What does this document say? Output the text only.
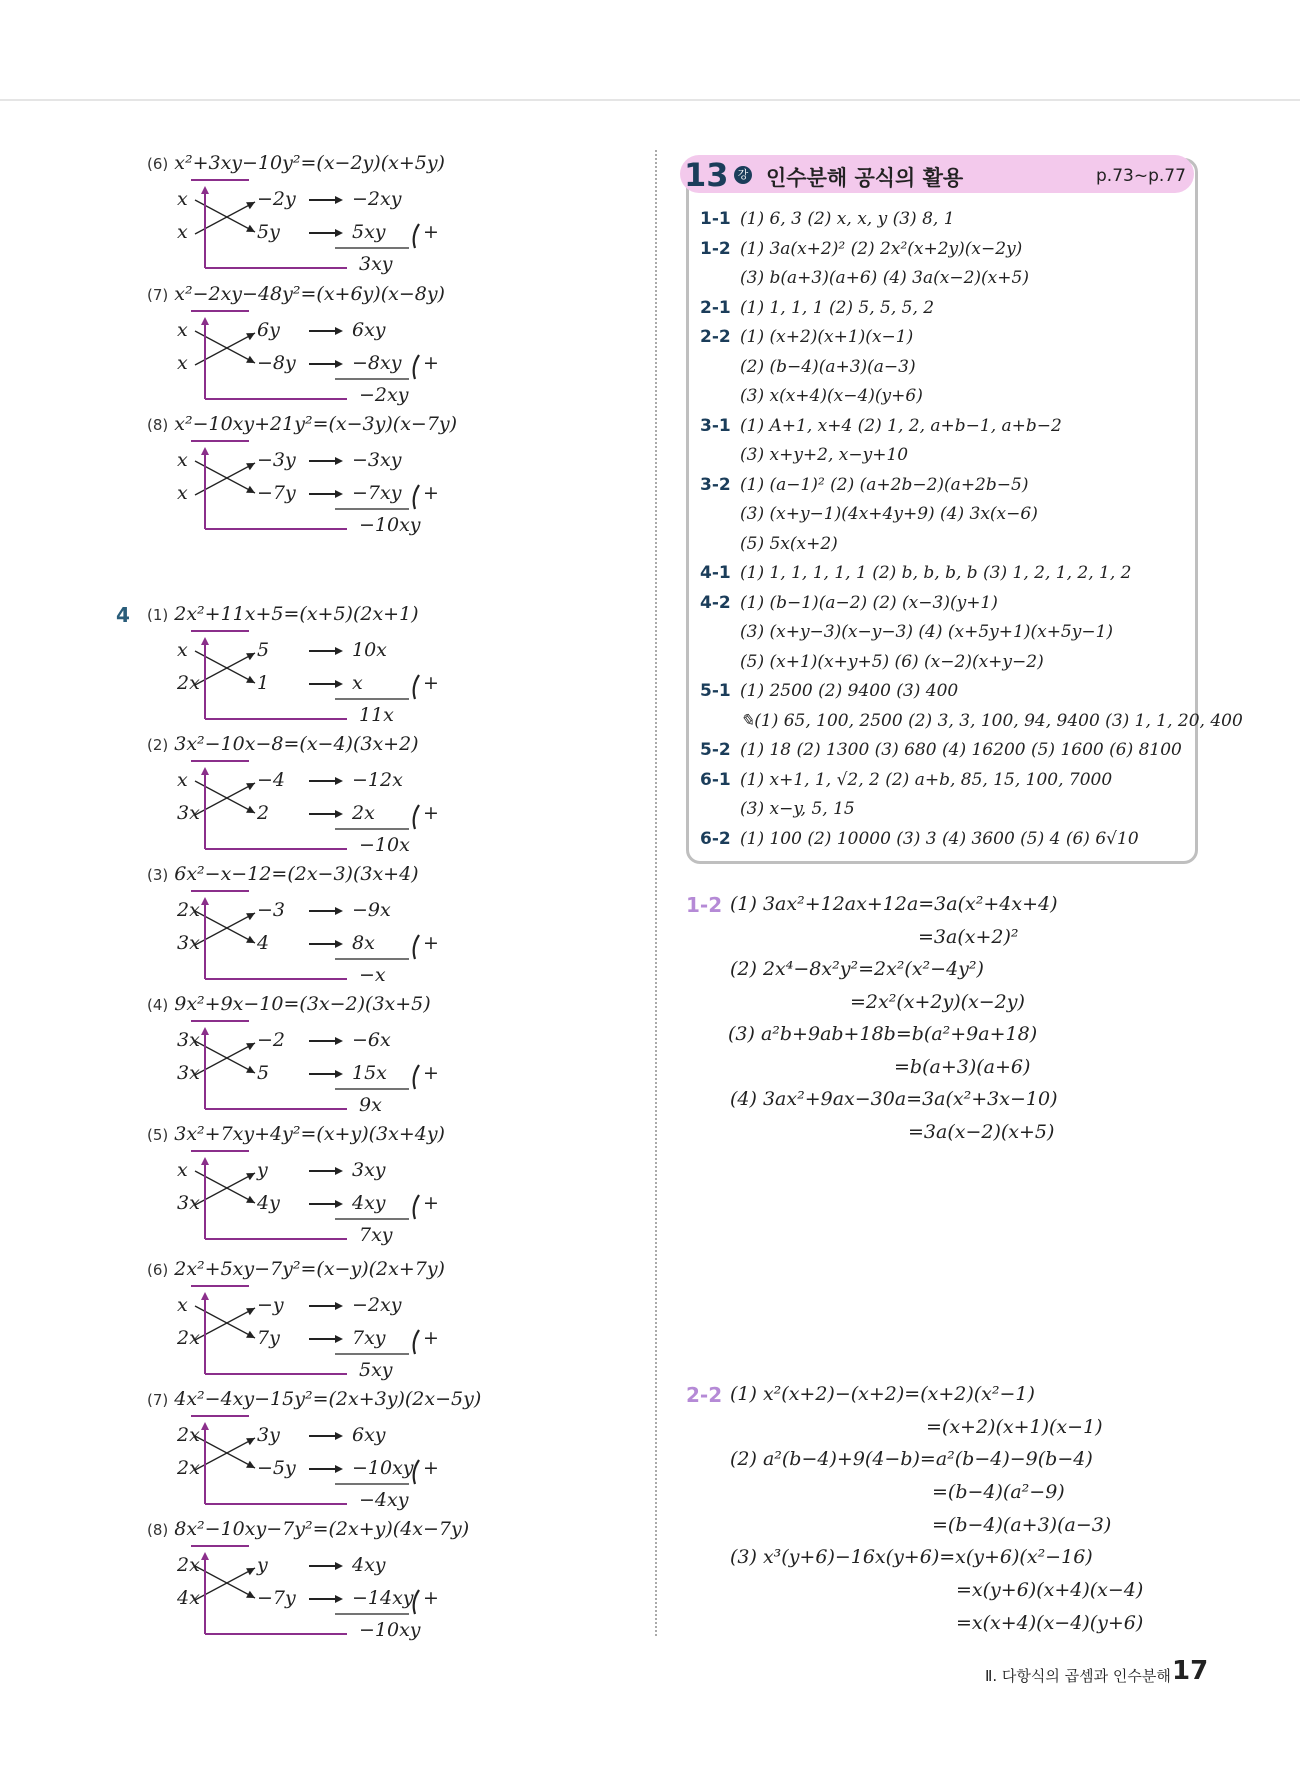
(6) x²+3xy−10y²=(x−2y)(x+5y)
x
x
−2y
5y
−2xy
5xy
3xy
+
(7) x²−2xy−48y²=(x+6y)(x−8y)
x
x
6y
−8y
6xy
−8xy
−2xy
+
(8) x²−10xy+21y²=(x−3y)(x−7y)
x
x
−3y
−7y
−3xy
−7xy
−10xy
+
(1) 2x²+11x+5=(x+5)(2x+1)
x
2x
5
1
10x
x
11x
+
(2) 3x²−10x−8=(x−4)(3x+2)
x
3x
−4
2
−12x
2x
−10x
+
(3) 6x²−x−12=(2x−3)(3x+4)
2x
3x
−3
4
−9x
8x
−x
+
(4) 9x²+9x−10=(3x−2)(3x+5)
3x
3x
−2
5
−6x
15x
9x
+
(5) 3x²+7xy+4y²=(x+y)(3x+4y)
x
3x
y
4y
3xy
4xy
7xy
+
(6) 2x²+5xy−7y²=(x−y)(2x+7y)
x
2x
−y
7y
−2xy
7xy
5xy
+
(7) 4x²−4xy−15y²=(2x+3y)(2x−5y)
2x
2x
3y
−5y
6xy
−10xy
−4xy
+
(8) 8x²−10xy−7y²=(2x+y)(4x−7y)
2x
4x
y
−7y
4xy
−14xy
−10xy
+
4
13 강 인수분해 공식의 활용	p.73~p.77
1-1 (1) 6, 3 (2) x, x, y (3) 8, 1
1-2 (1) 3a(x+2)² (2) 2x²(x+2y)(x−2y)
(3) b(a+3)(a+6) (4) 3a(x−2)(x+5)
2-1 (1) 1, 1, 1 (2) 5, 5, 5, 2
2-2 (1) (x+2)(x+1)(x−1)
(2) (b−4)(a+3)(a−3)
(3) x(x+4)(x−4)(y+6)
3-1 (1) A+1, x+4 (2) 1, 2, a+b−1, a+b−2
(3) x+y+2, x−y+10
3-2 (1) (a−1)² (2) (a+2b−2)(a+2b−5)
(3) (x+y−1)(4x+4y+9) (4) 3x(x−6)
(5) 5x(x+2)
4-1 (1) 1, 1, 1, 1, 1 (2) b, b, b, b (3) 1, 2, 1, 2, 1, 2
4-2 (1) (b−1)(a−2) (2) (x−3)(y+1)
(3) (x+y−3)(x−y−3) (4) (x+5y+1)(x+5y−1)
(5) (x+1)(x+y+5) (6) (x−2)(x+y−2)
5-1 (1) 2500 (2) 9400 (3) 400
✎(1) 65, 100, 2500 (2) 3, 3, 100, 94, 9400 (3) 1, 1, 20, 400
5-2 (1) 18 (2) 1300 (3) 680 (4) 16200 (5) 1600 (6) 8100
6-1 (1) x+1, 1, √2, 2 (2) a+b, 85, 15, 100, 7000
(3) x−y, 5, 15
6-2 (1) 100 (2) 10000 (3) 3 (4) 3600 (5) 4 (6) 6√10
1-2 (1) 3ax²+12ax+12a=3a(x²+4x+4)
=3a(x+2)²
(2) 2x⁴−8x²y²=2x²(x²−4y²)
=2x²(x+2y)(x−2y)
(3) a²b+9ab+18b=b(a²+9a+18)
=b(a+3)(a+6)
(4) 3ax²+9ax−30a=3a(x²+3x−10)
=3a(x−2)(x+5)
2-2 (1) x²(x+2)−(x+2)=(x+2)(x²−1)
=(x+2)(x+1)(x−1)
(2) a²(b−4)+9(4−b)=a²(b−4)−9(b−4)
=(b−4)(a²−9)
=(b−4)(a+3)(a−3)
(3) x³(y+6)−16x(y+6)=x(y+6)(x²−16)
=x(y+6)(x+4)(x−4)
=x(x+4)(x−4)(y+6)
Ⅱ. 다항식의 곱셈과 인수분해 17
